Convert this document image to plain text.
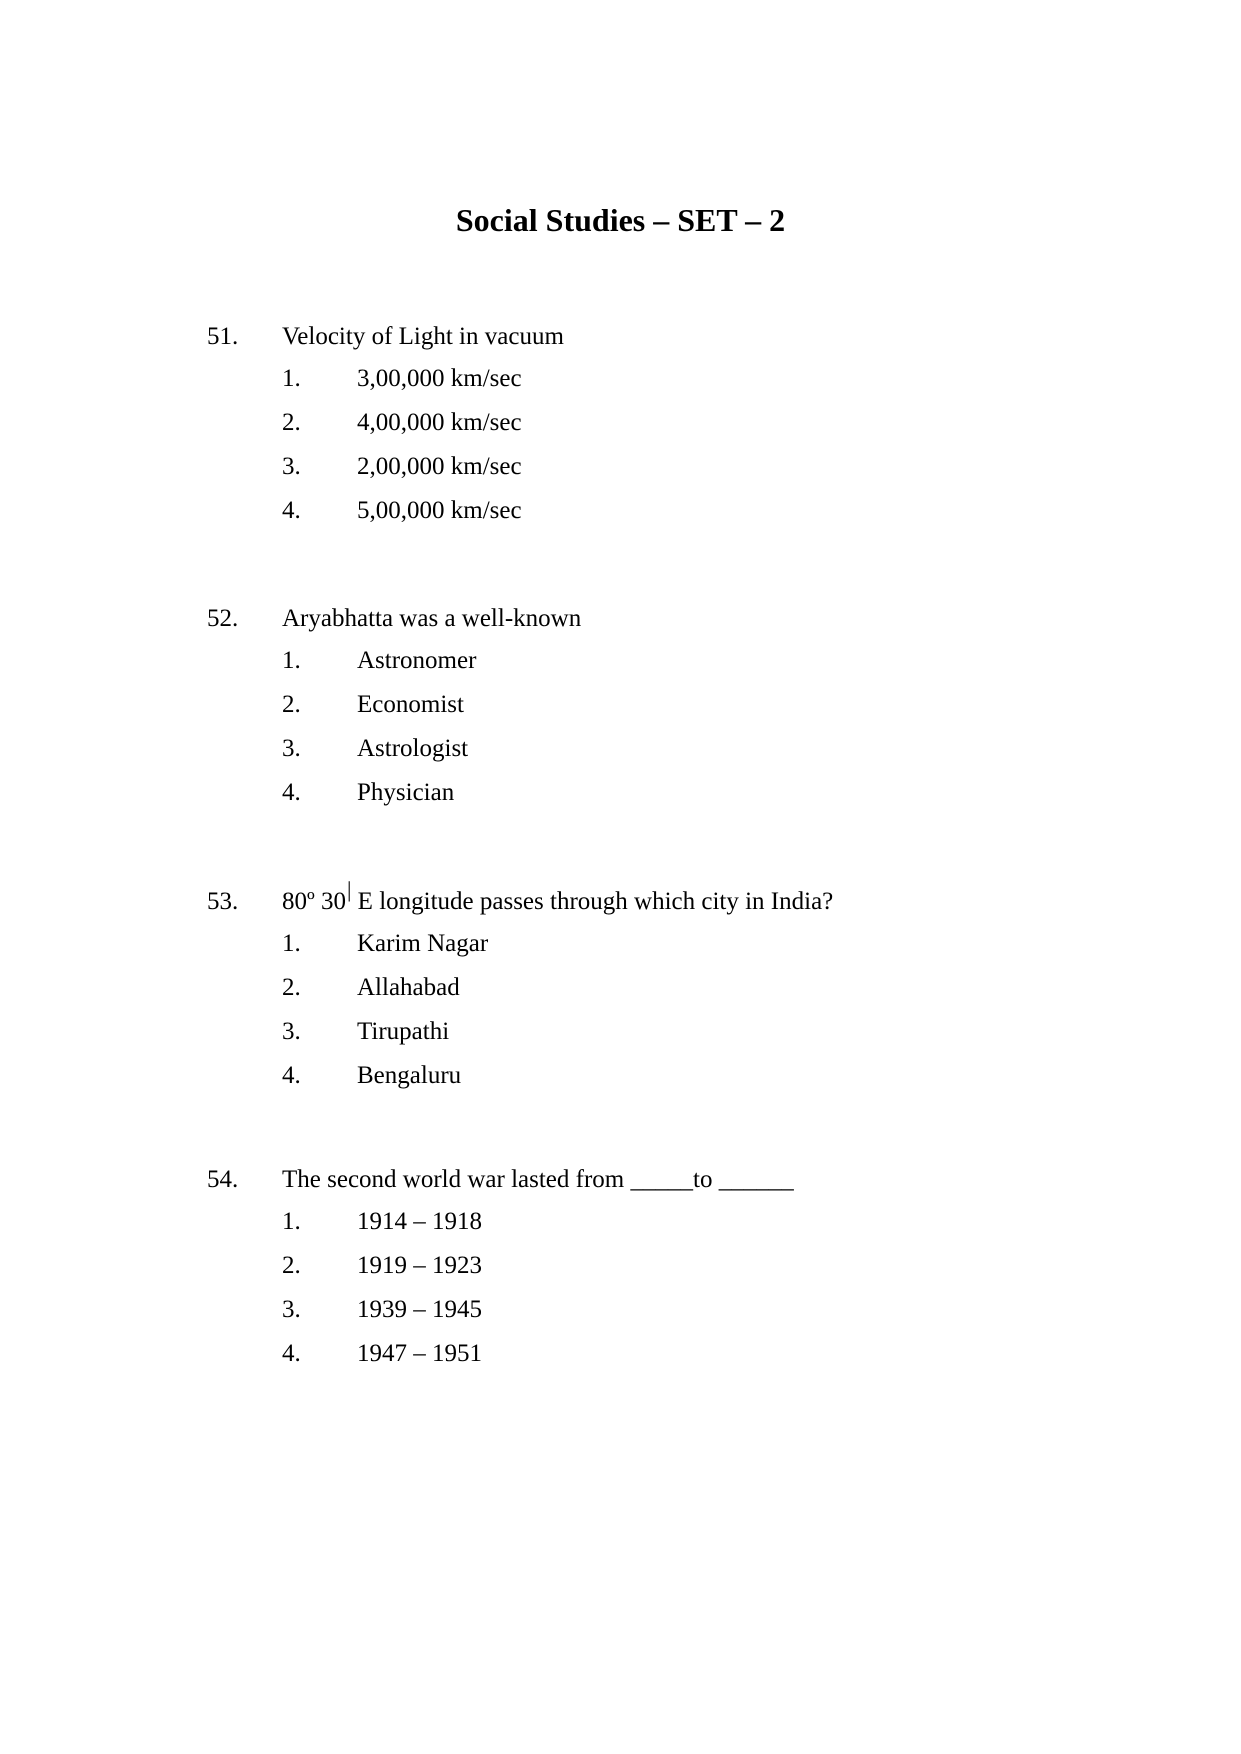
Social Studies – SET – 2
51. Velocity of Light in vacuum
1. 3,00,000 km/sec
2. 4,00,000 km/sec
3. 2,00,000 km/sec
4. 5,00,000 km/sec
52. Aryabhatta was a well-known
1. Astronomer
2. Economist
3. Astrologist
4. Physician
53. 80º 30| E longitude passes through which city in India?
1. Karim Nagar
2. Allahabad
3. Tirupathi
4. Bengaluru
54. The second world war lasted from _____to ______
1. 1914 – 1918
2. 1919 – 1923
3. 1939 – 1945
4. 1947 – 1951
